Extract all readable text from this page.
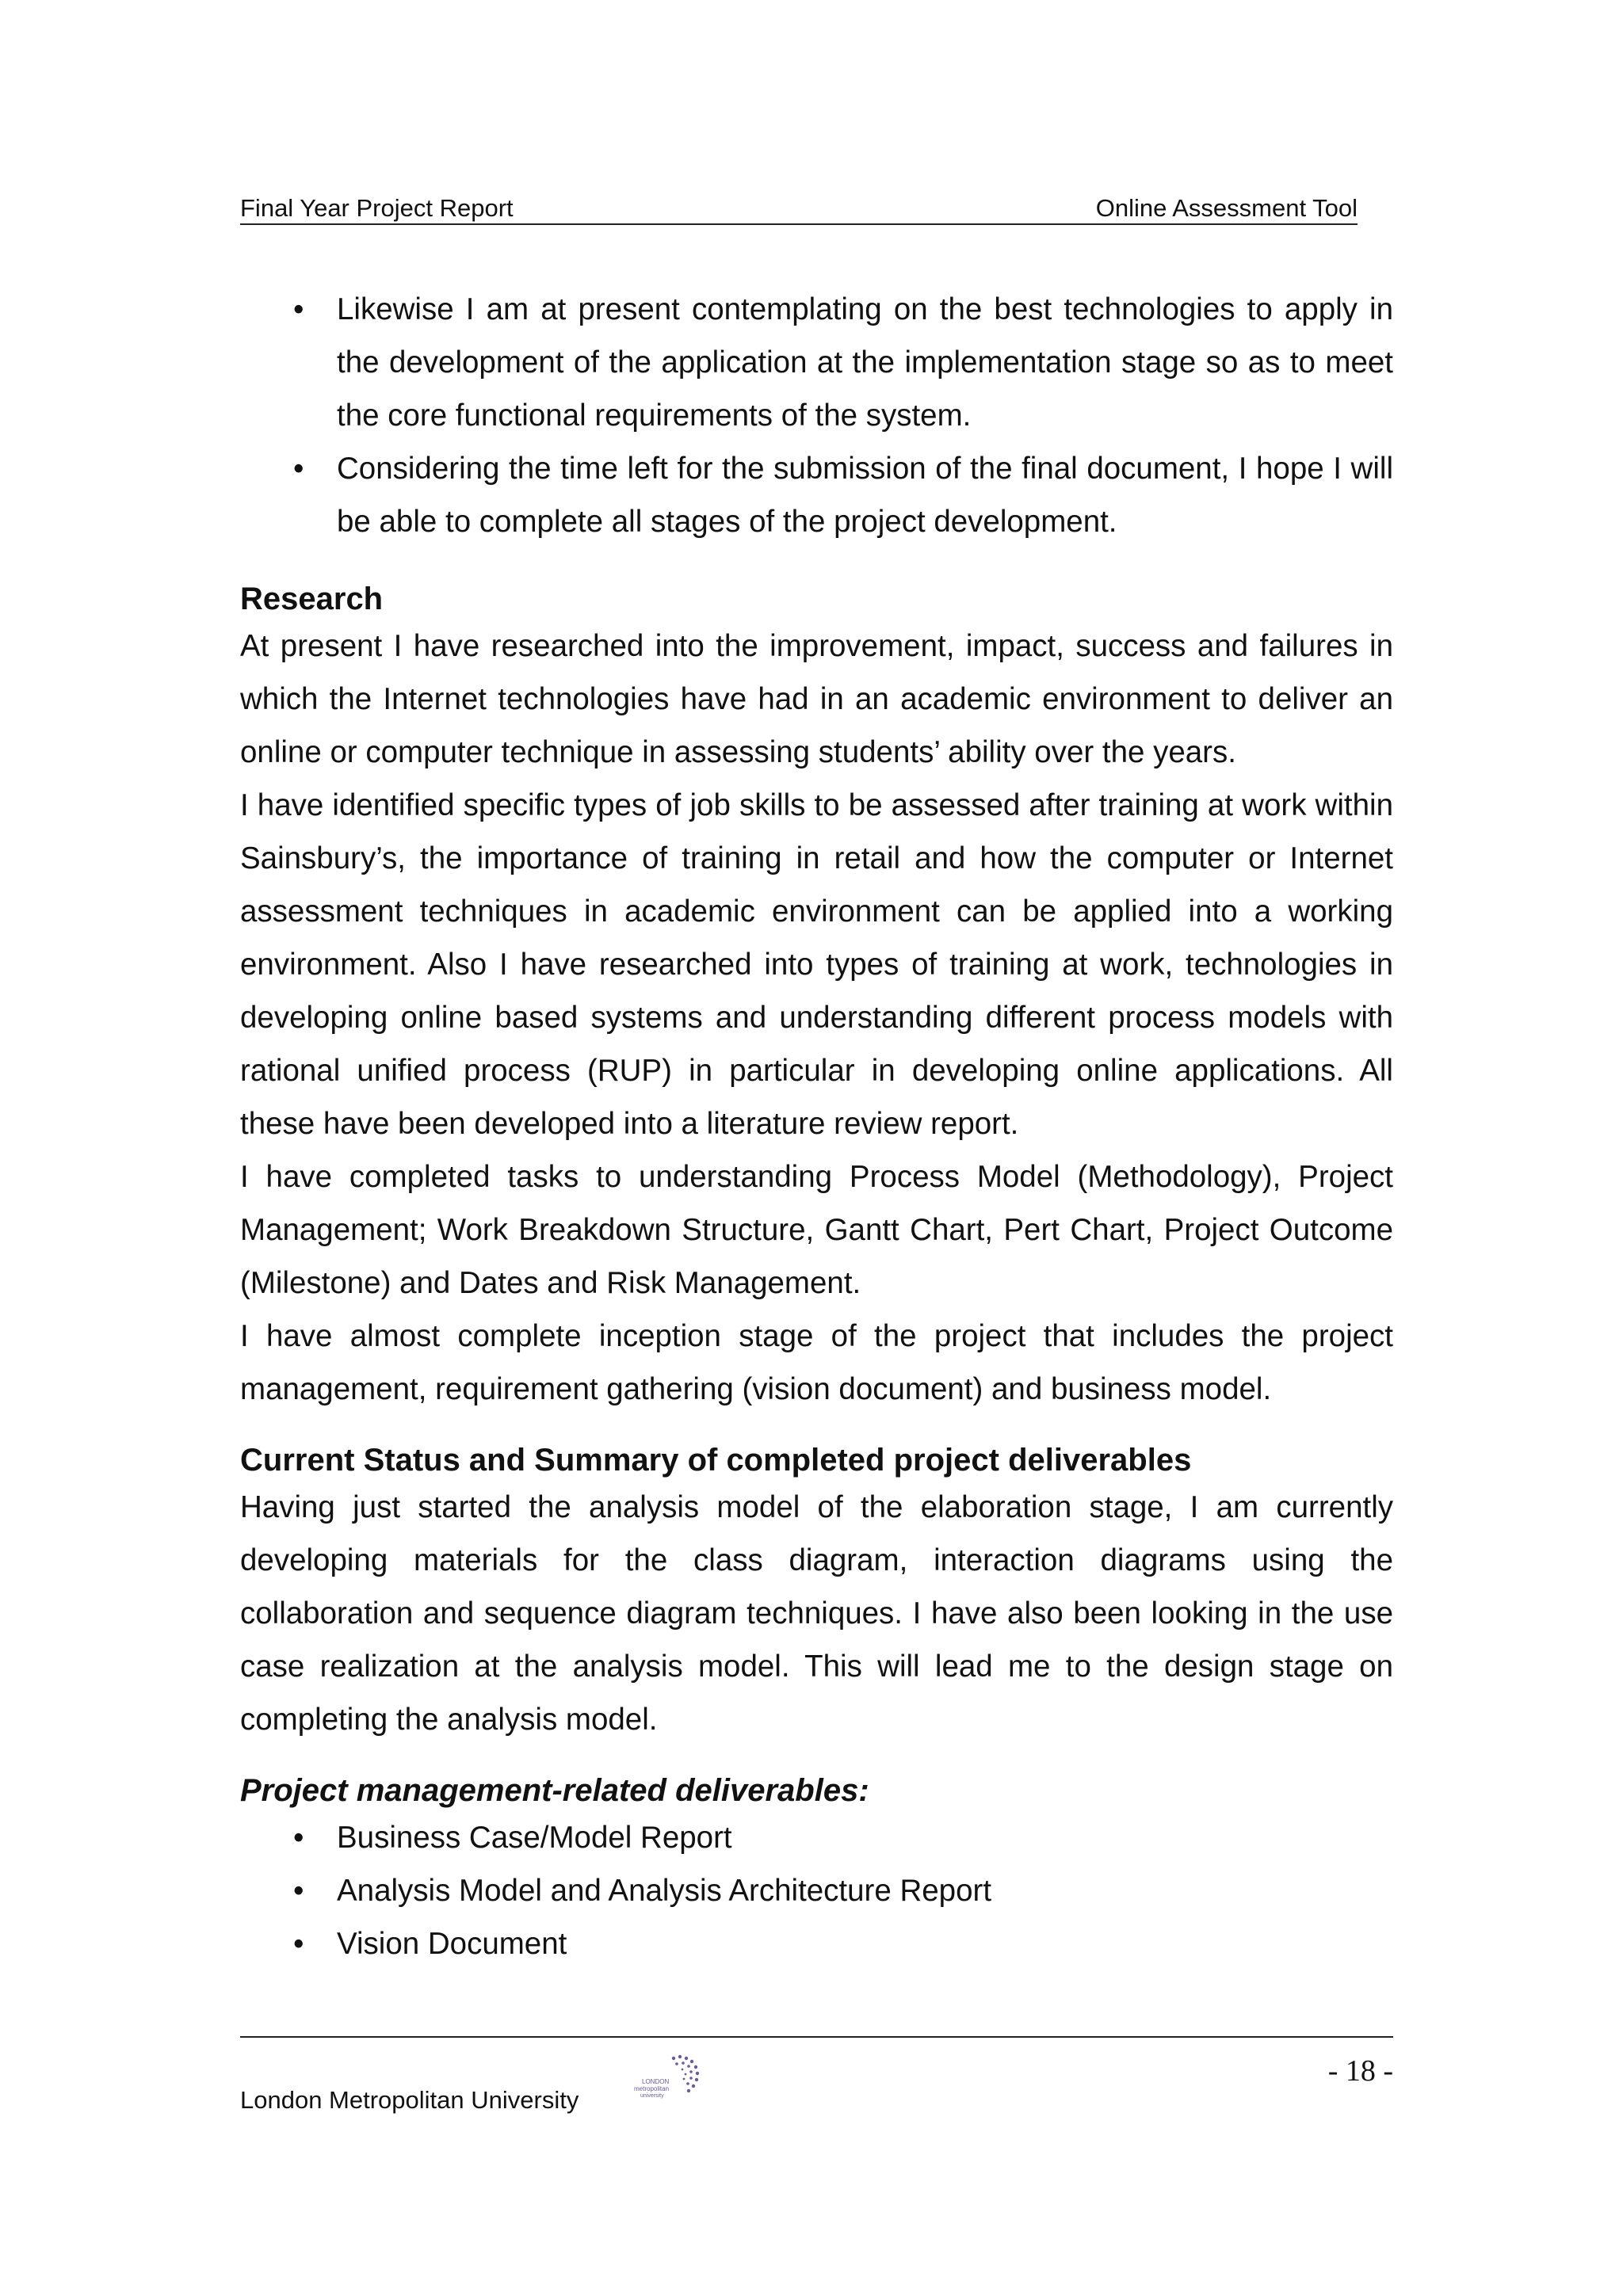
Final Year Project Report	Online Assessment Tool
• Likewise I am at present contemplating on the best technologies to apply in the development of the application at the implementation stage so as to meet the core functional requirements of the system.
• Considering the time left for the submission of the final document, I hope I will be able to complete all stages of the project development.
Research

At present I have researched into the improvement, impact, success and failures in which the Internet technologies have had in an academic environment to deliver an online or computer technique in assessing students’ ability over the years.

I have identified specific types of job skills to be assessed after training at work within Sainsbury’s, the importance of training in retail and how the computer or Internet assessment techniques in academic environment can be applied into a working environment. Also I have researched into types of training at work, technologies in developing online based systems and understanding different process models with rational unified process (RUP) in particular in developing online applications. All these have been developed into a literature review report.

I have completed tasks to understanding Process Model (Methodology), Project Management; Work Breakdown Structure, Gantt Chart, Pert Chart, Project Outcome (Milestone) and Dates and Risk Management.

I have almost complete inception stage of the project that includes the project management, requirement gathering (vision document) and business model.

Current Status and Summary of completed project deliverables

Having just started the analysis model of the elaboration stage, I am currently developing materials for the class diagram, interaction diagrams using the collaboration and sequence diagram techniques. I have also been looking in the use case realization at the analysis model. This will lead me to the design stage on completing the analysis model.

Project management-related deliverables:
• Business Case/Model Report
• Analysis Model and Analysis Architecture Report
• Vision Document
London Metropolitan University
LONDON
metropolitan
university
- 18 -
